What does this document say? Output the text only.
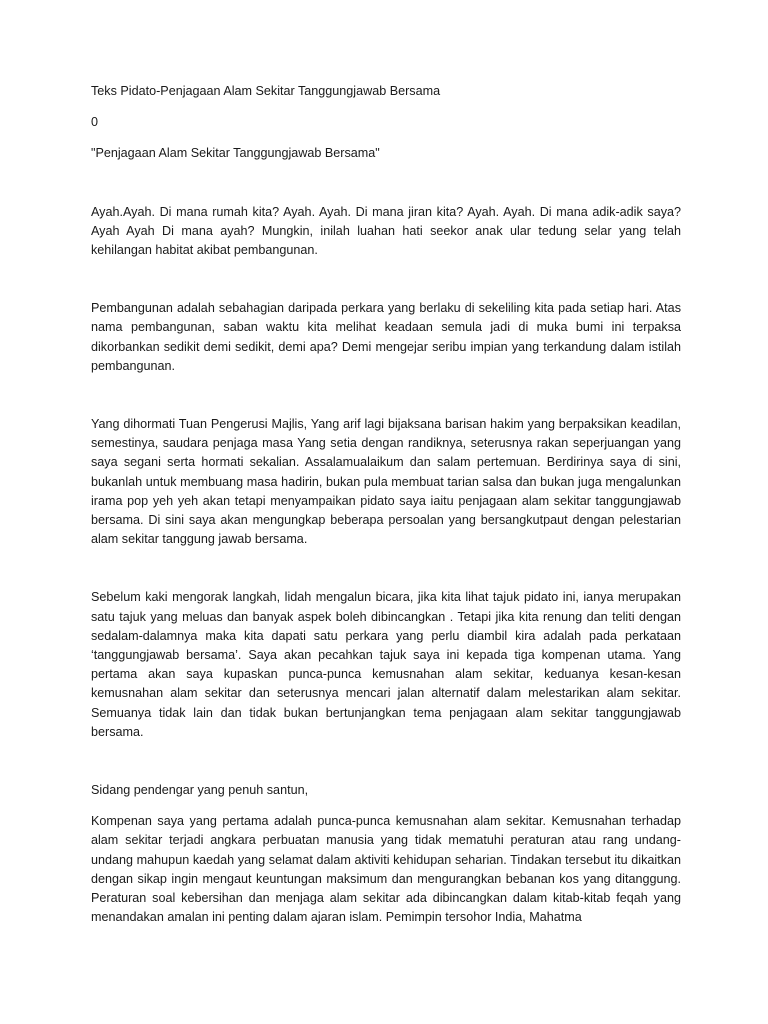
Teks Pidato-Penjagaan Alam Sekitar Tanggungjawab Bersama

0

"Penjagaan Alam Sekitar Tanggungjawab Bersama"

Ayah.Ayah. Di mana rumah kita? Ayah. Ayah. Di mana jiran kita? Ayah. Ayah. Di mana adik-adik saya? Ayah Ayah Di mana ayah? Mungkin, inilah luahan hati seekor anak ular tedung selar yang telah kehilangan habitat akibat pembangunan.

Pembangunan adalah sebahagian daripada perkara yang berlaku di sekeliling kita pada setiap hari. Atas nama pembangunan, saban waktu kita melihat keadaan semula jadi di muka bumi ini terpaksa dikorbankan sedikit demi sedikit, demi apa? Demi mengejar seribu impian yang terkandung dalam istilah pembangunan.

Yang dihormati Tuan Pengerusi Majlis, Yang arif lagi bijaksana barisan hakim yang berpaksikan keadilan, semestinya, saudara penjaga masa Yang setia dengan randiknya, seterusnya rakan seperjuangan yang saya segani serta hormati sekalian. Assalamualaikum dan salam pertemuan. Berdirinya saya di sini, bukanlah untuk membuang masa hadirin, bukan pula membuat tarian salsa dan bukan juga mengalunkan irama pop yeh yeh akan tetapi menyampaikan pidato saya iaitu penjagaan alam sekitar tanggungjawab bersama. Di sini saya akan mengungkap beberapa persoalan yang bersangkutpaut dengan pelestarian alam sekitar tanggung jawab bersama.

Sebelum kaki mengorak langkah, lidah mengalun bicara, jika kita lihat tajuk pidato ini, ianya merupakan satu tajuk yang meluas dan banyak aspek boleh dibincangkan . Tetapi jika kita renung dan teliti dengan sedalam-dalamnya maka kita dapati satu perkara yang perlu diambil kira adalah pada perkataan ‘tanggungjawab bersama’. Saya akan pecahkan tajuk saya ini kepada tiga kompenan utama. Yang pertama akan saya kupaskan punca-punca kemusnahan alam sekitar, keduanya kesan-kesan kemusnahan alam sekitar dan seterusnya mencari jalan alternatif dalam melestarikan alam sekitar. Semuanya tidak lain dan tidak bukan bertunjangkan tema penjagaan alam sekitar tanggungjawab bersama.

Sidang pendengar yang penuh santun,

Kompenan saya yang pertama adalah punca-punca kemusnahan alam sekitar. Kemusnahan terhadap alam sekitar terjadi angkara perbuatan manusia yang tidak mematuhi peraturan atau rang undang-undang mahupun kaedah yang selamat dalam aktiviti kehidupan seharian. Tindakan tersebut itu dikaitkan dengan sikap ingin mengaut keuntungan maksimum dan mengurangkan bebanan kos yang ditanggung. Peraturan soal kebersihan dan menjaga alam sekitar ada dibincangkan dalam kitab-kitab feqah yang menandakan amalan ini penting dalam ajaran islam. Pemimpin tersohor India, Mahatma
